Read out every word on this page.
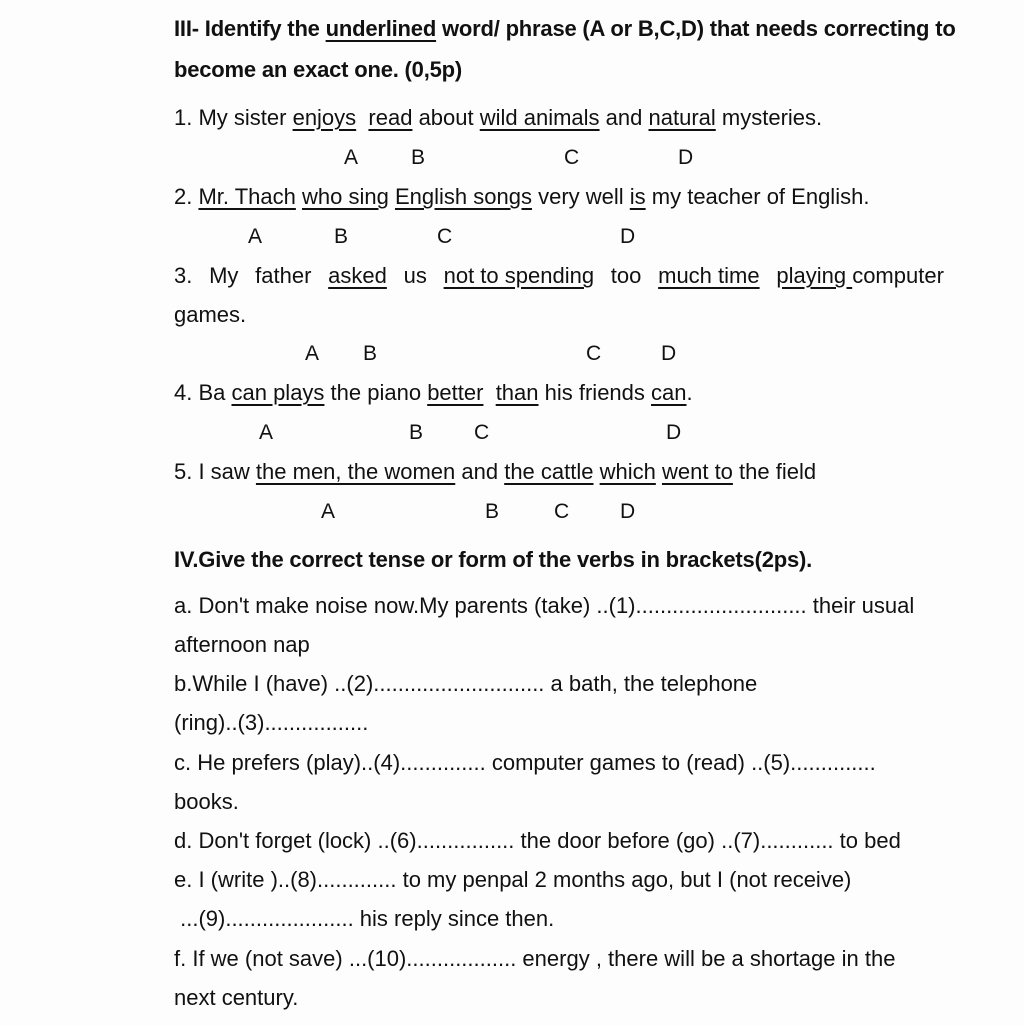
III- Identify the underlined word/ phrase (A or B,C,D) that needs correcting to
become an exact one. (0,5p)
1. My sister enjoys read about wild animals and natural mysteries.
A	B	C	D
2. Mr. Thach who sing English songs very well is my teacher of English.
A	B	C	D
3. My father asked us not to spending too much time playing computer
games.
A B	C	D
4. Ba can plays the piano better than his friends can.
A	B C	D
5. I saw the men, the women and the cattle which went to the field
A	B	C D
IV.Give the correct tense or form of the verbs in brackets(2ps).
a. Don't make noise now.My parents (take) ..(1)............................ their usual
afternoon nap
b.While I (have) ..(2)............................ a bath, the telephone
(ring)..(3).................
c. He prefers (play)..(4).............. computer games to (read) ..(5)..............
books.
d. Don't forget (lock) ..(6)................ the door before (go) ..(7)............ to bed
e. I (write )..(8)............. to my penpal 2 months ago, but I (not receive)
...(9)..................... his reply since then.
f. If we (not save) ...(10).................. energy , there will be a shortage in the
next century.
